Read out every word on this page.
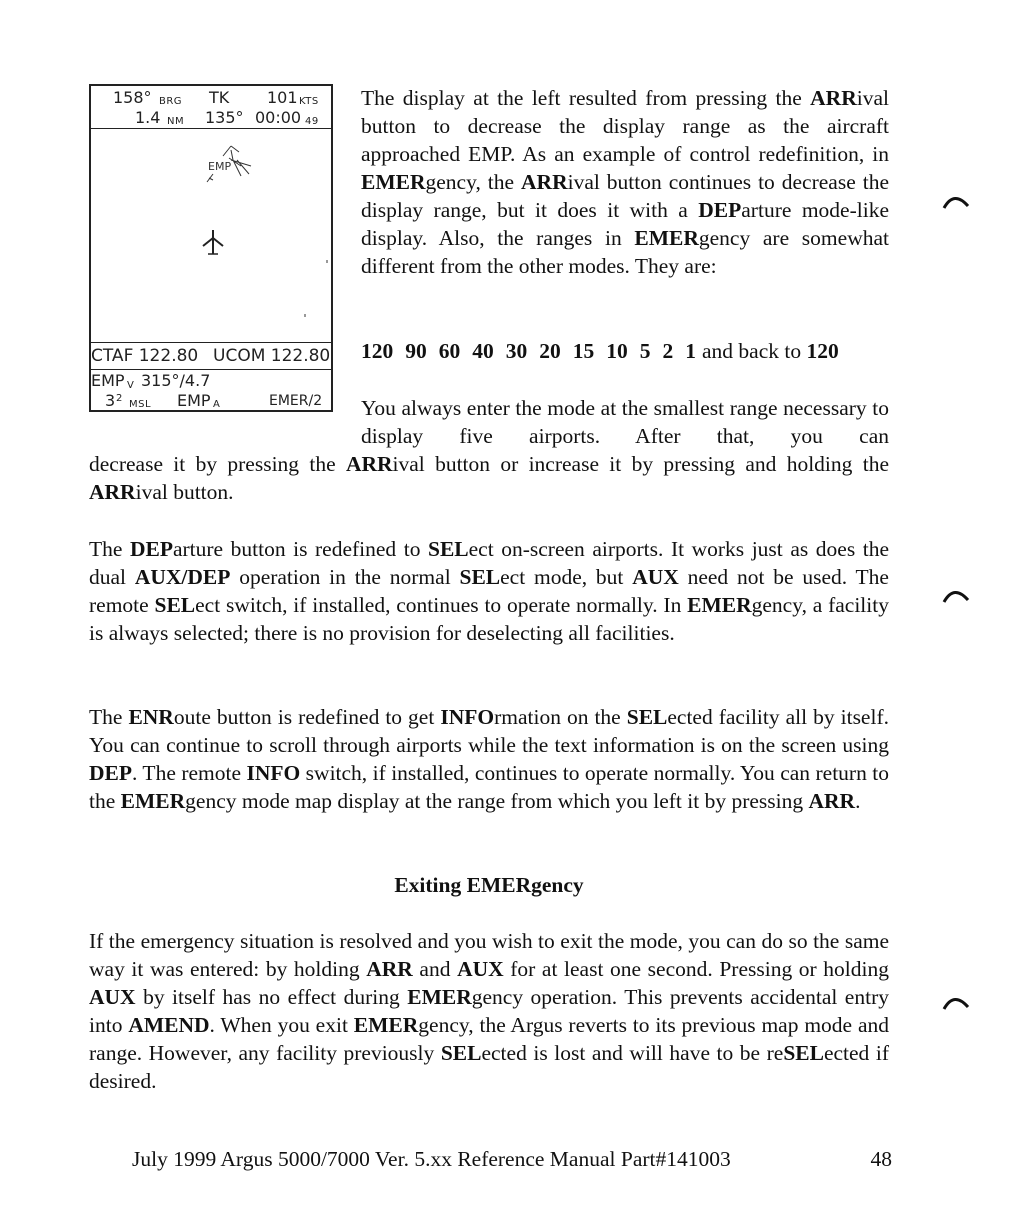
158° BRG TK 101 KTS
1.4 NM 135° 00:00 49
EMP
CTAF 122.80 UCOM 122.80
EMP V 315°/4.7
3 2
MSL EMP A	EMER/2

The display at the left resulted from pressing the ARRival button to decrease the display range as the aircraft approached EMP. As an example of control redefinition, in EMERgency, the ARRival button continues to decrease the display range, but it does it with a DEParture mode-like display. Also, the ranges in EMERgency are somewhat different from the other modes. They are:

120 90 60 40 30 20 15 10 5 2 1 and back to 120

You always enter the mode at the smallest range necessary to display five airports. After that, you can

decrease it by pressing the ARRival button or increase it by pressing and holding the ARRival button.

The DEParture button is redefined to SELect on-screen airports. It works just as does the dual AUX/DEP operation in the normal SELect mode, but AUX need not be used. The remote SELect switch, if installed, continues to operate normally. In EMERgency, a facility is always selected; there is no provision for deselecting all facilities.

The ENRoute button is redefined to get INFOrmation on the SELected facility all by itself. You can continue to scroll through airports while the text information is on the screen using DEP. The remote INFO switch, if installed, continues to operate normally. You can return to the EMERgency mode map display at the range from which you left it by pressing ARR.

Exiting EMERgency

If the emergency situation is resolved and you wish to exit the mode, you can do so the same way it was entered: by holding ARR and AUX for at least one second. Pressing or holding AUX by itself has no effect during EMERgency operation. This prevents accidental entry into AMEND. When you exit EMERgency, the Argus reverts to its previous map mode and range. However, any facility previously SELected is lost and will have to be reSELected if desired.

July 1999 Argus 5000/7000 Ver. 5.xx Reference Manual Part#141003	48
